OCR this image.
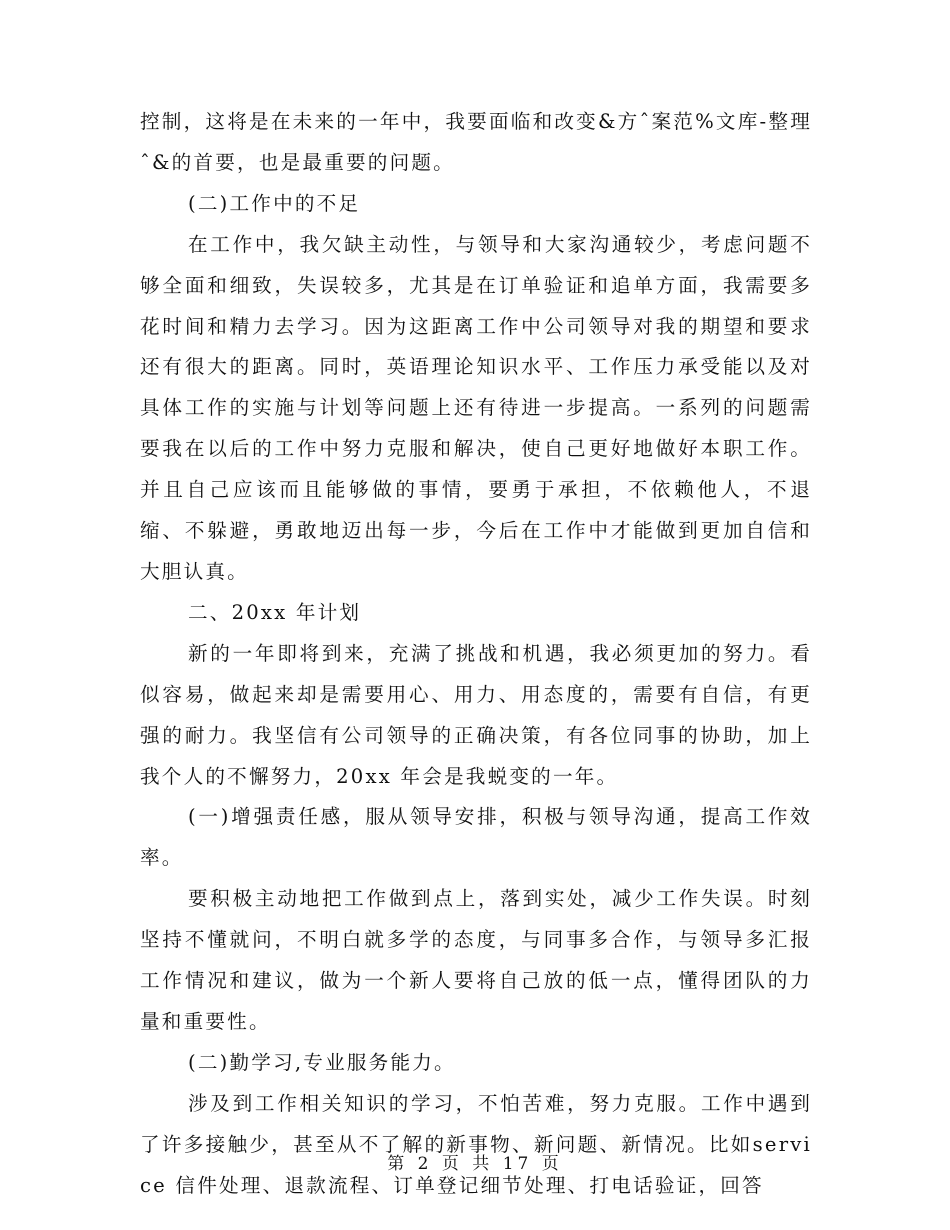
控制，这将是在未来的一年中，我要面临和改变&方ˆ案范%文库-整理ˆ&的首要，也是最重要的问题。

(二)工作中的不足

在工作中，我欠缺主动性，与领导和大家沟通较少，考虑问题不够全面和细致，失误较多，尤其是在订单验证和追单方面，我需要多花时间和精力去学习。因为这距离工作中公司领导对我的期望和要求还有很大的距离。同时，英语理论知识水平、工作压力承受能以及对具体工作的实施与计划等问题上还有待进一步提高。一系列的问题需要我在以后的工作中努力克服和解决，使自己更好地做好本职工作。并且自己应该而且能够做的事情，要勇于承担，不依赖他人，不退缩、不躲避，勇敢地迈出每一步，今后在工作中才能做到更加自信和大胆认真。

二、20xx 年计划

新的一年即将到来，充满了挑战和机遇，我必须更加的努力。看似容易，做起来却是需要用心、用力、用态度的，需要有自信，有更强的耐力。我坚信有公司领导的正确决策，有各位同事的协助，加上我个人的不懈努力，20xx 年会是我蜕变的一年。

(一)增强责任感，服从领导安排，积极与领导沟通，提高工作效率。

要积极主动地把工作做到点上，落到实处，减少工作失误。时刻坚持不懂就问，不明白就多学的态度，与同事多合作，与领导多汇报工作情况和建议，做为一个新人要将自己放的低一点，懂得团队的力量和重要性。

(二)勤学习,专业服务能力。

涉及到工作相关知识的学习，不怕苦难，努力克服。工作中遇到了许多接触少，甚至从不了解的新事物、新问题、新情况。比如service 信件处理、退款流程、订单登记细节处理、打电话验证，回答

第 2 页 共 17 页
